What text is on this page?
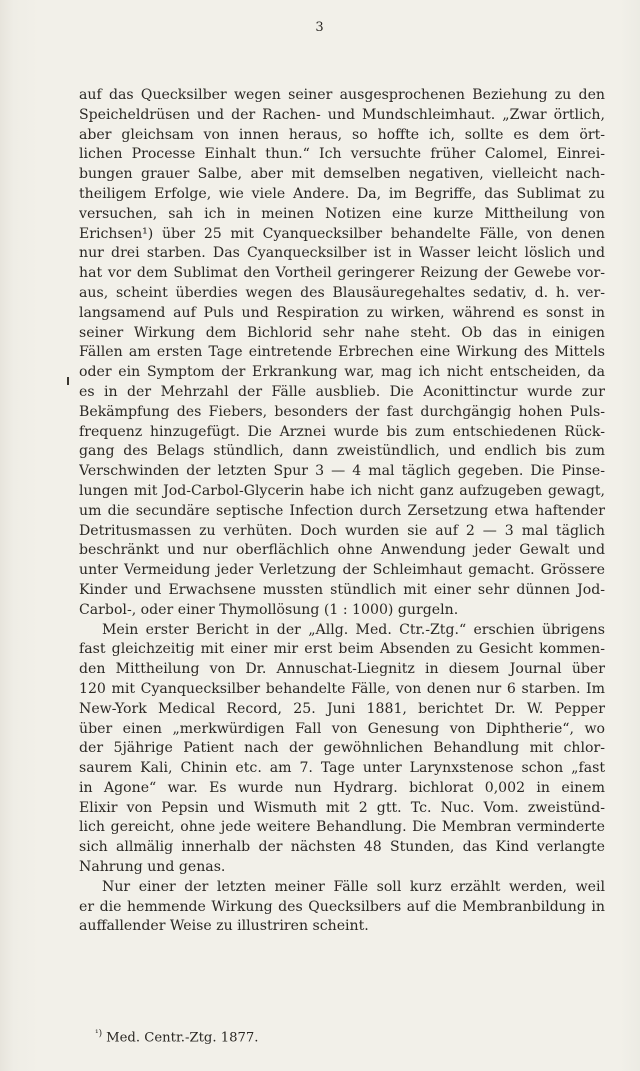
3
auf das Quecksilber wegen seiner ausgesprochenen Beziehung zu den
Speicheldrüsen und der Rachen- und Mundschleimhaut. „Zwar örtlich,
aber gleichsam von innen heraus, so hoffte ich, sollte es dem ört-
lichen Processe Einhalt thun.“ Ich versuchte früher Calomel, Einrei-
bungen grauer Salbe, aber mit demselben negativen, vielleicht nach-
theiligem Erfolge, wie viele Andere. Da, im Begriffe, das Sublimat zu
versuchen, sah ich in meinen Notizen eine kurze Mittheilung von
Erichsen¹) über 25 mit Cyanquecksilber behandelte Fälle, von denen
nur drei starben. Das Cyanquecksilber ist in Wasser leicht löslich und
hat vor dem Sublimat den Vortheil geringerer Reizung der Gewebe vor-
aus, scheint überdies wegen des Blausäuregehaltes sedativ, d. h. ver-
langsamend auf Puls und Respiration zu wirken, während es sonst in
seiner Wirkung dem Bichlorid sehr nahe steht. Ob das in einigen
Fällen am ersten Tage eintretende Erbrechen eine Wirkung des Mittels
oder ein Symptom der Erkrankung war, mag ich nicht entscheiden, da
es in der Mehrzahl der Fälle ausblieb. Die Aconittinctur wurde zur
Bekämpfung des Fiebers, besonders der fast durchgängig hohen Puls-
frequenz hinzugefügt. Die Arznei wurde bis zum entschiedenen Rück-
gang des Belags stündlich, dann zweistündlich, und endlich bis zum
Verschwinden der letzten Spur 3 — 4 mal täglich gegeben. Die Pinse-
lungen mit Jod-Carbol-Glycerin habe ich nicht ganz aufzugeben gewagt,
um die secundäre septische Infection durch Zersetzung etwa haftender
Detritusmassen zu verhüten. Doch wurden sie auf 2 — 3 mal täglich
beschränkt und nur oberflächlich ohne Anwendung jeder Gewalt und
unter Vermeidung jeder Verletzung der Schleimhaut gemacht. Grössere
Kinder und Erwachsene mussten stündlich mit einer sehr dünnen Jod-
Carbol-, oder einer Thymollösung (1 : 1000) gurgeln.
Mein erster Bericht in der „Allg. Med. Ctr.-Ztg.“ erschien übrigens
fast gleichzeitig mit einer mir erst beim Absenden zu Gesicht kommen-
den Mittheilung von Dr. Annuschat-Liegnitz in diesem Journal über
120 mit Cyanquecksilber behandelte Fälle, von denen nur 6 starben. Im
New-York Medical Record, 25. Juni 1881, berichtet Dr. W. Pepper
über einen „merkwürdigen Fall von Genesung von Diphtherie“, wo
der 5jährige Patient nach der gewöhnlichen Behandlung mit chlor-
saurem Kali, Chinin etc. am 7. Tage unter Larynxstenose schon „fast
in Agone“ war. Es wurde nun Hydrarg. bichlorat 0,002 in einem
Elixir von Pepsin und Wismuth mit 2 gtt. Tc. Nuc. Vom. zweistünd-
lich gereicht, ohne jede weitere Behandlung. Die Membran verminderte
sich allmälig innerhalb der nächsten 48 Stunden, das Kind verlangte
Nahrung und genas.
Nur einer der letzten meiner Fälle soll kurz erzählt werden, weil
er die hemmende Wirkung des Quecksilbers auf die Membranbildung in
auffallender Weise zu illustriren scheint.
$^{^1)}$ Med. Centr.-Ztg. 1877.
